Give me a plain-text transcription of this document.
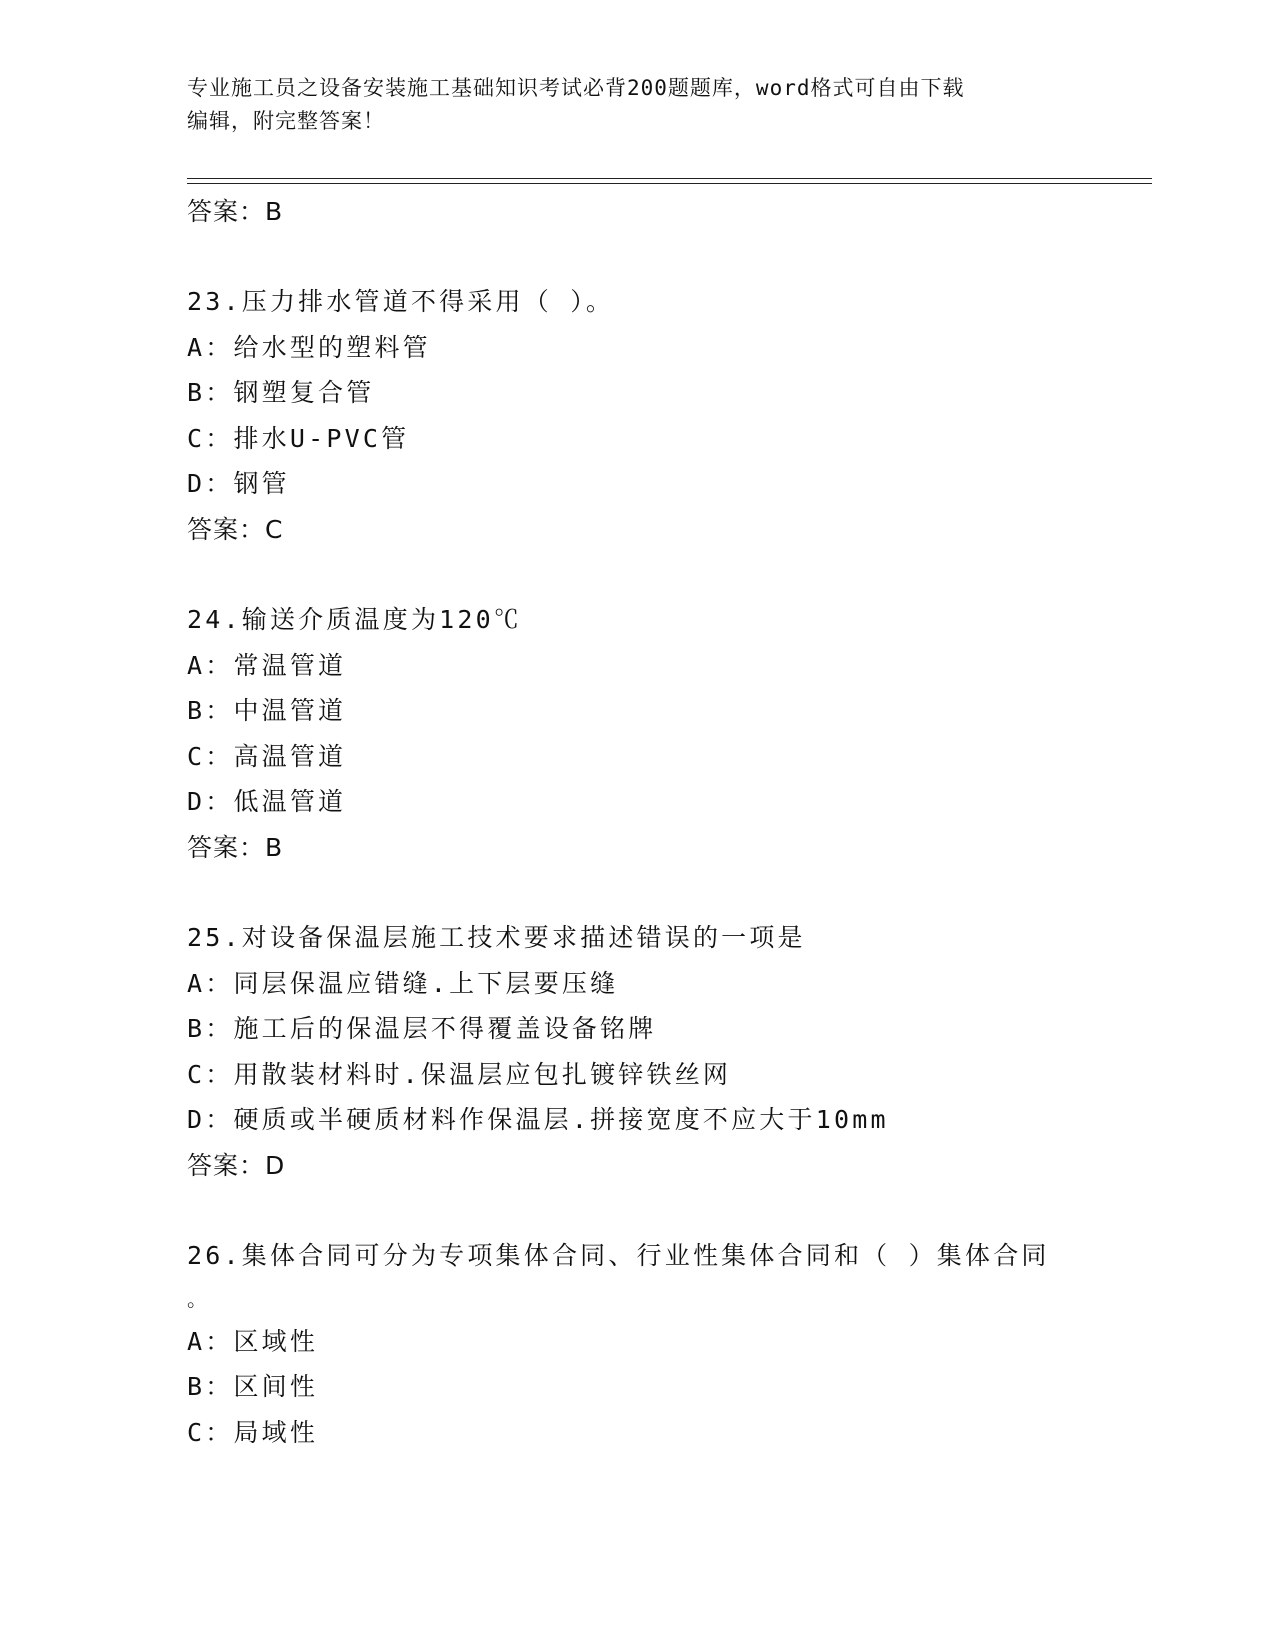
专业施工员之设备安装施工基础知识考试必背200题题库，word格式可自由下载
编辑，附完整答案！
答案：B
23.压力排水管道不得采用（ ）。
A：给水型的塑料管
B：钢塑复合管
C：排水U-PVC管
D：钢管
答案：C
24.输送介质温度为120℃
A：常温管道
B：中温管道
C：高温管道
D：低温管道
答案：B
25.对设备保温层施工技术要求描述错误的一项是
A：同层保温应错缝.上下层要压缝
B：施工后的保温层不得覆盖设备铭牌
C：用散装材料时.保温层应包扎镀锌铁丝网
D：硬质或半硬质材料作保温层.拼接宽度不应大于10mm
答案：D
26.集体合同可分为专项集体合同、行业性集体合同和（ ）集体合同
。
A：区域性
B：区间性
C：局域性
